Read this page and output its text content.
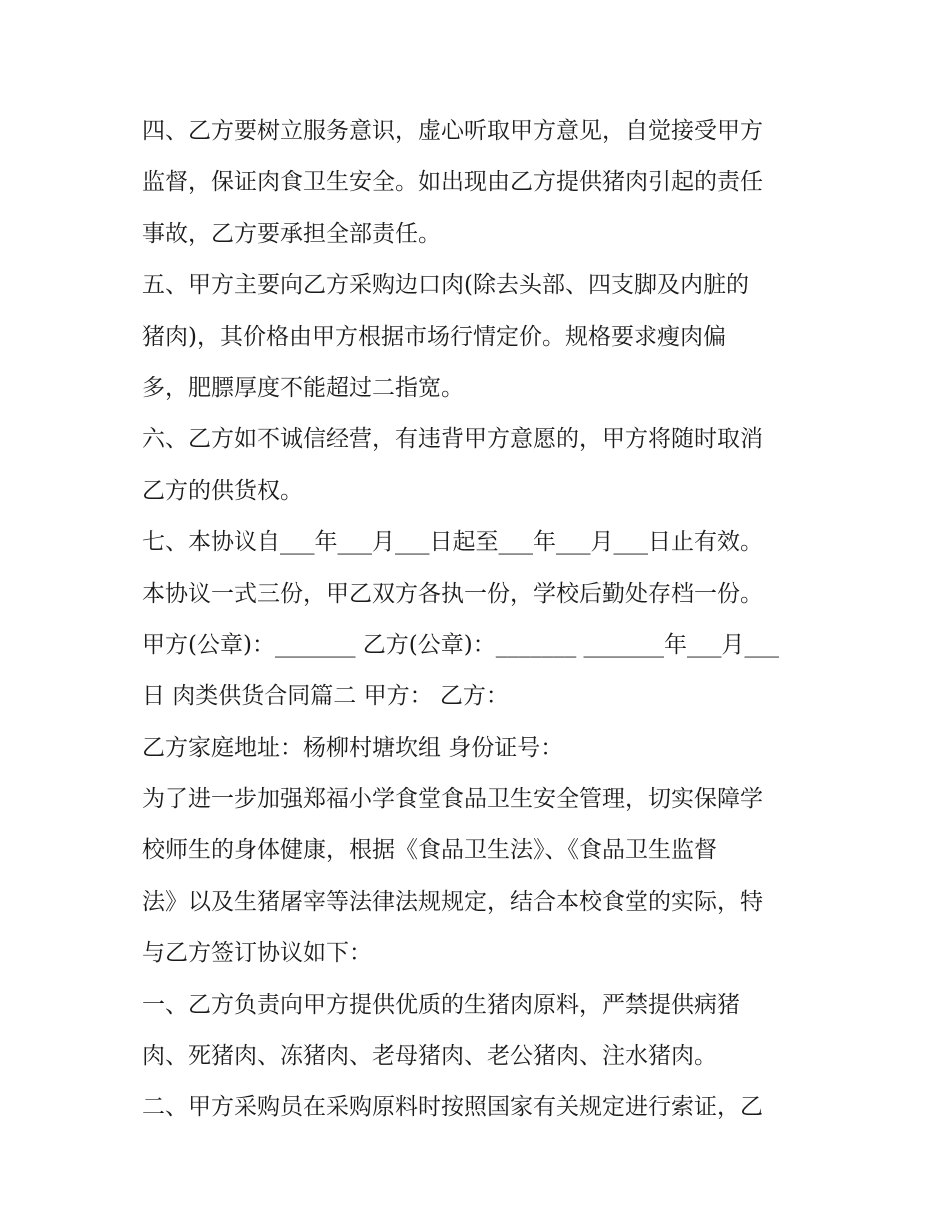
四、乙方要树立服务意识，虚心听取甲方意见，自觉接受甲方
监督，保证肉食卫生安全。如出现由乙方提供猪肉引起的责任
事故，乙方要承担全部责任。
五、甲方主要向乙方采购边口肉(除去头部、四支脚及内脏的
猪肉)，其价格由甲方根据市场行情定价。规格要求瘦肉偏
多，肥膘厚度不能超过二指宽。
六、乙方如不诚信经营，有违背甲方意愿的，甲方将随时取消
乙方的供货权。
七、本协议自___年___月___日起至___年___月___日止有效。
本协议一式三份，甲乙双方各执一份，学校后勤处存档一份。
甲方(公章)：_______ 乙方(公章)：_______ _______年___月___
日 肉类供货合同篇二 甲方： 乙方：
乙方家庭地址：杨柳村塘坎组 身份证号：
为了进一步加强郑福小学食堂食品卫生安全管理，切实保障学
校师生的身体健康，根据《食品卫生法》、《食品卫生监督
法》以及生猪屠宰等法律法规规定，结合本校食堂的实际，特
与乙方签订协议如下：
一、乙方负责向甲方提供优质的生猪肉原料，严禁提供病猪
肉、死猪肉、冻猪肉、老母猪肉、老公猪肉、注水猪肉。
二、甲方采购员在采购原料时按照国家有关规定进行索证，乙
